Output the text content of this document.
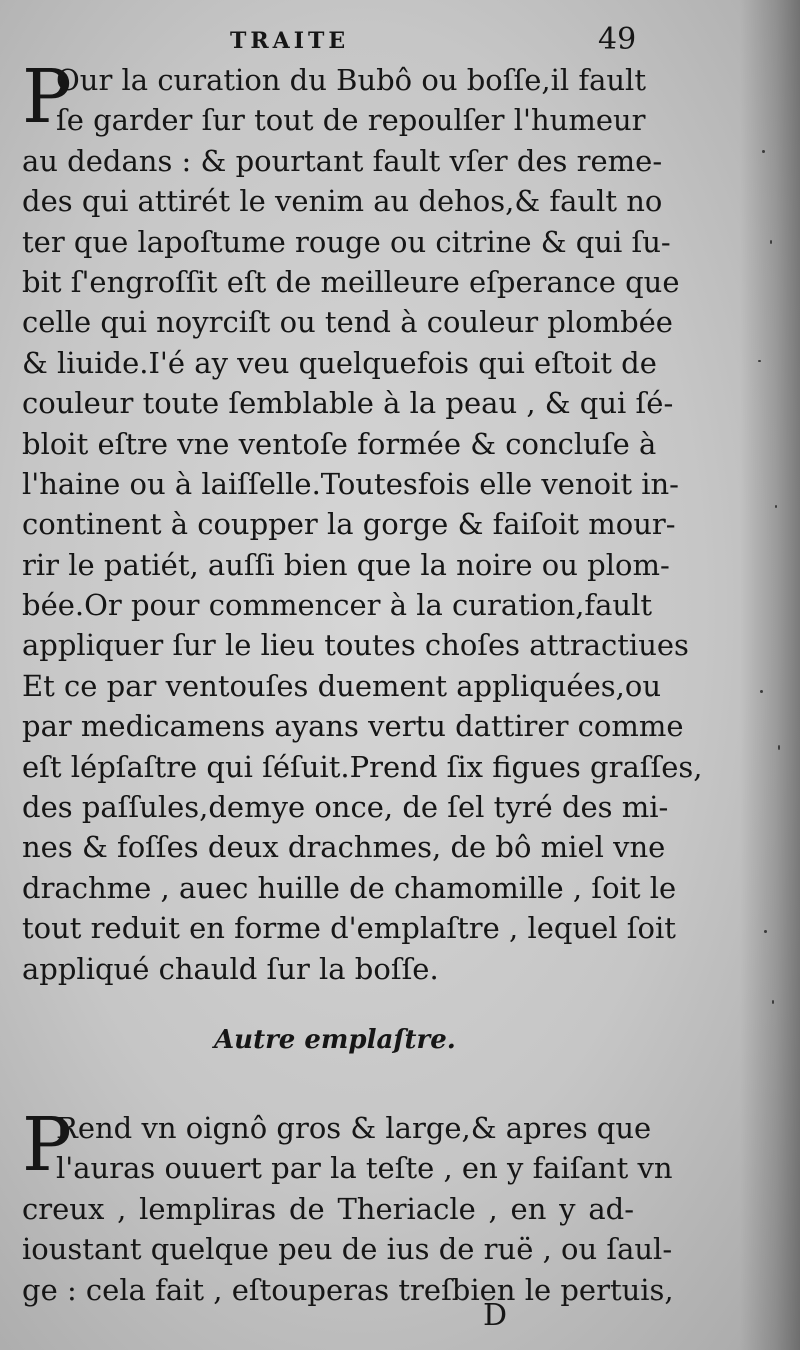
TRAITE	49
P
Our la curation du Bubô ou boſſe,il fault
ſe garder ſur tout de repoulſer l'humeur
au dedans : & pourtant fault vſer des reme-
des qui attirét le venim au dehos,& fault no
ter que lapoſtume rouge ou citrine & qui ſu-
bit ſ'engroſſit eſt de meilleure eſperance que
celle qui noyrciſt ou tend à couleur plombée
& liuide.I'é ay veu quelquefois qui eſtoit de
couleur toute ſemblable à la peau , & qui ſé-
bloit eſtre vne ventoſe formée & concluſe à
l'haine ou à laiſſelle.Toutesfois elle venoit in-
continent à coupper la gorge & faiſoit mour-
rir le patiét, auſſi bien que la noire ou plom-
bée.Or pour commencer à la curation,fault
appliquer ſur le lieu toutes choſes attractiues
Et ce par ventouſes duement appliquées,ou
par medicamens ayans vertu dattirer comme
eſt lépſaſtre qui ſéſuit.Prend ſix figues graſſes,
des paſſules,demye once, de ſel tyré des mi-
nes & foſſes deux drachmes, de bô miel vne
drachme , auec huille de chamomille , ſoit le
tout reduit en forme d'emplaſtre , lequel ſoit
appliqué chauld ſur la boſſe.
Autre emplaſtre.
P
Rend vn oignô gros & large,& apres que
l'auras ouuert par la teſte , en y faiſant vn
creux , lempliras de Theriacle , en y ad-
ioustant quelque peu de ius de ruë , ou ſaul-
ge : cela fait , eſtouperas treſbien le pertuis,
D
